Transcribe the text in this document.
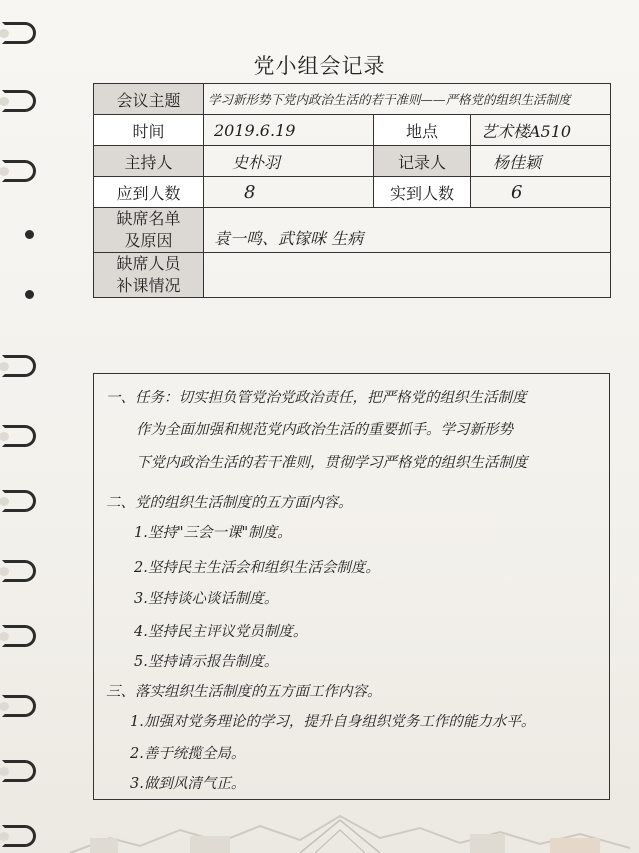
党小组会记录
会议主题	学习新形势下党内政治生活的若干准则——严格党的组织生活制度		
时间	2019.6.19	地点	艺术楼A510
主持人	史朴羽	记录人	杨佳颖
应到人数	8	实到人数	6

缺席名单
及原因	袁一鸣、武镓咪 生病		

缺席人员
补课情况			

一、任务：切实担负管党治党政治责任，把严格党的组织生活制度
作为全面加强和规范党内政治生活的重要抓手。学习新形势
下党内政治生活的若干准则，贯彻学习严格党的组织生活制度
二、党的组织生活制度的五方面内容。
1.坚持"三会一课"制度。
2.坚持民主生活会和组织生活会制度。
3.坚持谈心谈话制度。
4.坚持民主评议党员制度。
5.坚持请示报告制度。
三、落实组织生活制度的五方面工作内容。
1.加强对党务理论的学习，提升自身组织党务工作的能力水平。
2.善于统揽全局。
3.做到风清气正。
